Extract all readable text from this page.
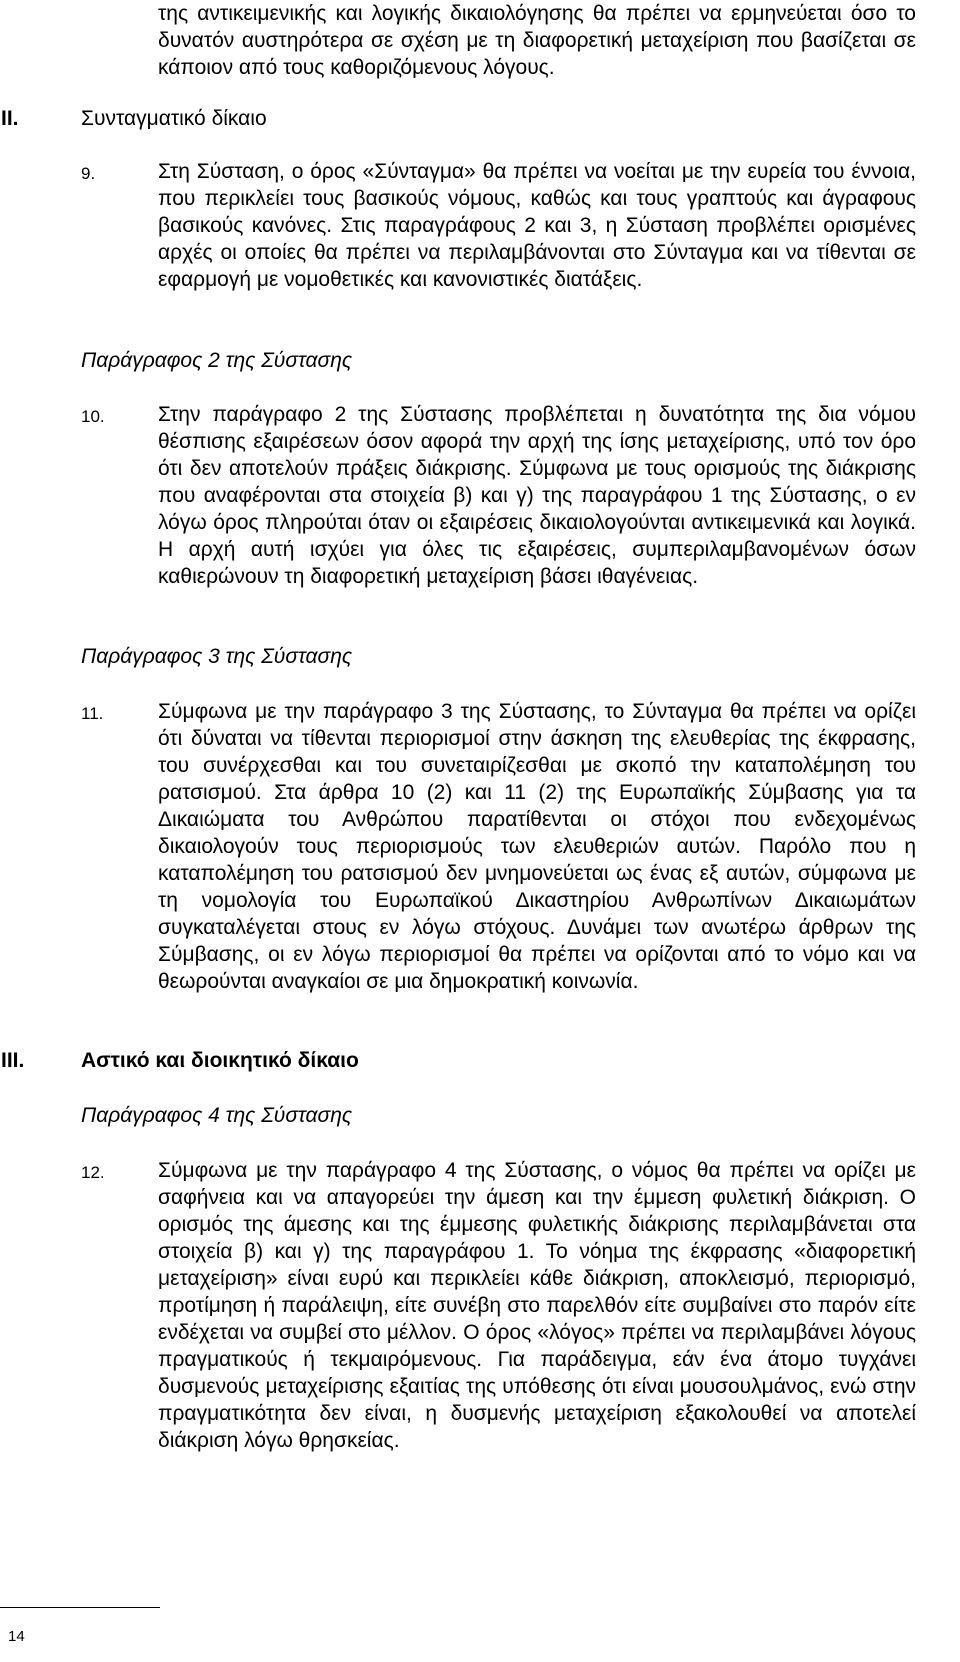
της αντικειμενικής και λογικής δικαιολόγησης θα πρέπει να ερμηνεύεται όσο το δυνατόν αυστηρότερα σε σχέση με τη διαφορετική μεταχείριση που βασίζεται σε κάποιον από τους καθοριζόμενους λόγους.
II.	Συνταγματικό δίκαιο
9.	Στη Σύσταση, ο όρος «Σύνταγμα» θα πρέπει να νοείται με την ευρεία του έννοια, που περικλείει τους βασικούς νόμους, καθώς και τους γραπτούς και άγραφους βασικούς κανόνες. Στις παραγράφους 2 και 3, η Σύσταση προβλέπει ορισμένες αρχές οι οποίες θα πρέπει να περιλαμβάνονται στο Σύνταγμα και να τίθενται σε εφαρμογή με νομοθετικές και κανονιστικές διατάξεις.
Παράγραφος 2 της Σύστασης
10.	Στην παράγραφο 2 της Σύστασης προβλέπεται η δυνατότητα της δια νόμου θέσπισης εξαιρέσεων όσον αφορά την αρχή της ίσης μεταχείρισης, υπό τον όρο ότι δεν αποτελούν πράξεις διάκρισης. Σύμφωνα με τους ορισμούς της διάκρισης που αναφέρονται στα στοιχεία β) και γ) της παραγράφου 1 της Σύστασης, ο εν λόγω όρος πληρούται όταν οι εξαιρέσεις δικαιολογούνται αντικειμενικά και λογικά. Η αρχή αυτή ισχύει για όλες τις εξαιρέσεις, συμπεριλαμβανομένων όσων καθιερώνουν τη διαφορετική μεταχείριση βάσει ιθαγένειας.
Παράγραφος 3 της Σύστασης
11.	Σύμφωνα με την παράγραφο 3 της Σύστασης, το Σύνταγμα θα πρέπει να ορίζει ότι δύναται να τίθενται περιορισμοί στην άσκηση της ελευθερίας της έκφρασης, του συνέρχεσθαι και του συνεταιρίζεσθαι με σκοπό την καταπολέμηση του ρατσισμού. Στα άρθρα 10 (2) και 11 (2) της Ευρωπαϊκής Σύμβασης για τα Δικαιώματα του Ανθρώπου παρατίθενται οι στόχοι που ενδεχομένως δικαιολογούν τους περιορισμούς των ελευθεριών αυτών. Παρόλο που η καταπολέμηση του ρατσισμού δεν μνημονεύεται ως ένας εξ αυτών, σύμφωνα με τη νομολογία του Ευρωπαϊκού Δικαστηρίου Ανθρωπίνων Δικαιωμάτων συγκαταλέγεται στους εν λόγω στόχους. Δυνάμει των ανωτέρω άρθρων της Σύμβασης, οι εν λόγω περιορισμοί θα πρέπει να ορίζονται από το νόμο και να θεωρούνται αναγκαίοι σε μια δημοκρατική κοινωνία.
III.	Αστικό και διοικητικό δίκαιο
Παράγραφος 4 της Σύστασης
12.	Σύμφωνα με την παράγραφο 4 της Σύστασης, ο νόμος θα πρέπει να ορίζει με σαφήνεια και να απαγορεύει την άμεση και την έμμεση φυλετική διάκριση. Ο ορισμός της άμεσης και της έμμεσης φυλετικής διάκρισης περιλαμβάνεται στα στοιχεία β) και γ) της παραγράφου 1. Το νόημα της έκφρασης «διαφορετική μεταχείριση» είναι ευρύ και περικλείει κάθε διάκριση, αποκλεισμό, περιορισμό, προτίμηση ή παράλειψη, είτε συνέβη στο παρελθόν είτε συμβαίνει στο παρόν είτε ενδέχεται να συμβεί στο μέλλον. Ο όρος «λόγος» πρέπει να περιλαμβάνει λόγους πραγματικούς ή τεκμαιρόμενους. Για παράδειγμα, εάν ένα άτομο τυγχάνει δυσμενούς μεταχείρισης εξαιτίας της υπόθεσης ότι είναι μουσουλμάνος, ενώ στην πραγματικότητα δεν είναι, η δυσμενής μεταχείριση εξακολουθεί να αποτελεί διάκριση λόγω θρησκείας.
14
